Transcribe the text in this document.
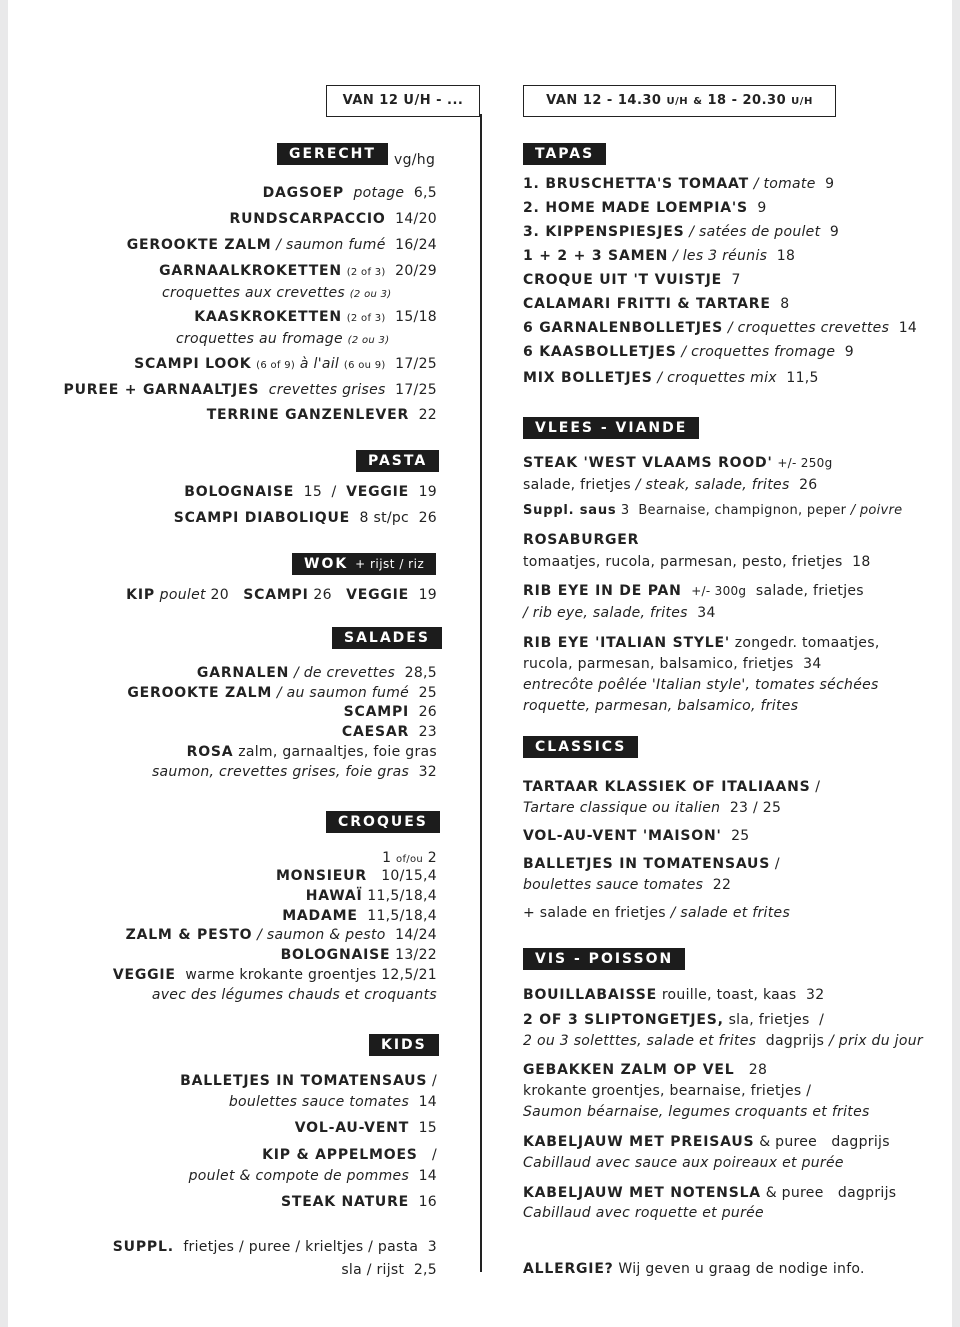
VAN 12 U/H - ...	VAN 12 - 14.30 U/H & 18 - 20.30 U/H
GERECHT	vg/hg
DAGSOEP potage 6,5
RUNDSCARPACCIO 14/20
GEROOKTE ZALM / saumon fumé 16/24
GARNAALKROKETTEN (2 of 3) 20/29
croquettes aux crevettes (2 ou 3)
KAASKROKETTEN (2 of 3) 15/18
croquettes au fromage (2 ou 3)
SCAMPI LOOK (6 of 9) à l'ail (6 ou 9) 17/25
PUREE + GARNAALTJES crevettes grises 17/25
TERRINE GANZENLEVER 22
PASTA
BOLOGNAISE 15 / VEGGIE 19
SCAMPI DIABOLIQUE 8 st/pc 26
WOK + rijst / riz
KIP poulet 20 SCAMPI 26 VEGGIE 19
SALADES
GARNALEN / de crevettes 28,5
GEROOKTE ZALM / au saumon fumé 25
SCAMPI 26
CAESAR 23
ROSA zalm, garnaaltjes, foie gras
saumon, crevettes grises, foie gras 32
CROQUES
1 of/ou 2
MONSIEUR 10/15,4
HAWAÏ 11,5/18,4
MADAME 11,5/18,4
ZALM & PESTO / saumon & pesto 14/24
BOLOGNAISE 13/22
VEGGIE warme krokante groentjes 12,5/21
avec des légumes chauds et croquants
KIDS
BALLETJES IN TOMATENSAUS /
boulettes sauce tomates 14
VOL-AU-VENT 15
KIP & APPELMOES /
poulet & compote de pommes 14
STEAK NATURE 16
SUPPL. frietjes / puree / krieltjes / pasta 3
sla / rijst 2,5
TAPAS
1. BRUSCHETTA'S TOMAAT / tomate 9
2. HOME MADE LOEMPIA'S 9
3. KIPPENSPIESJES / satées de poulet 9
1 + 2 + 3 SAMEN / les 3 réunis 18
CROQUE UIT 'T VUISTJE 7
CALAMARI FRITTI & TARTARE 8
6 GARNALENBOLLETJES / croquettes crevettes 14
6 KAASBOLLETJES / croquettes fromage 9
MIX BOLLETJES / croquettes mix 11,5
VLEES - VIANDE
STEAK 'WEST VLAAMS ROOD' +/- 250g
salade, frietjes / steak, salade, frites 26
Suppl. saus 3 Bearnaise, champignon, peper / poivre
ROSABURGER
tomaatjes, rucola, parmesan, pesto, frietjes 18
RIB EYE IN DE PAN +/- 300g salade, frietjes
/ rib eye, salade, frites 34
RIB EYE 'ITALIAN STYLE' zongedr. tomaatjes,
rucola, parmesan, balsamico, frietjes 34
entrecôte poêlée 'Italian style', tomates séchées
roquette, parmesan, balsamico, frites
CLASSICS
TARTAAR KLASSIEK OF ITALIAANS /
Tartare classique ou italien 23 / 25
VOL-AU-VENT 'MAISON' 25
BALLETJES IN TOMATENSAUS /
boulettes sauce tomates 22
+ salade en frietjes / salade et frites
VIS - POISSON
BOUILLABAISSE rouille, toast, kaas 32
2 OF 3 SLIPTONGETJES, sla, frietjes /
2 ou 3 soletttes, salade et frites dagprijs / prix du jour
GEBAKKEN ZALM OP VEL 28
krokante groentjes, bearnaise, frietjes /
Saumon béarnaise, legumes croquants et frites
KABELJAUW MET PREISAUS & puree dagprijs
Cabillaud avec sauce aux poireaux et purée
KABELJAUW MET NOTENSLA & puree dagprijs
Cabillaud avec roquette et purée
ALLERGIE? Wij geven u graag de nodige info.
